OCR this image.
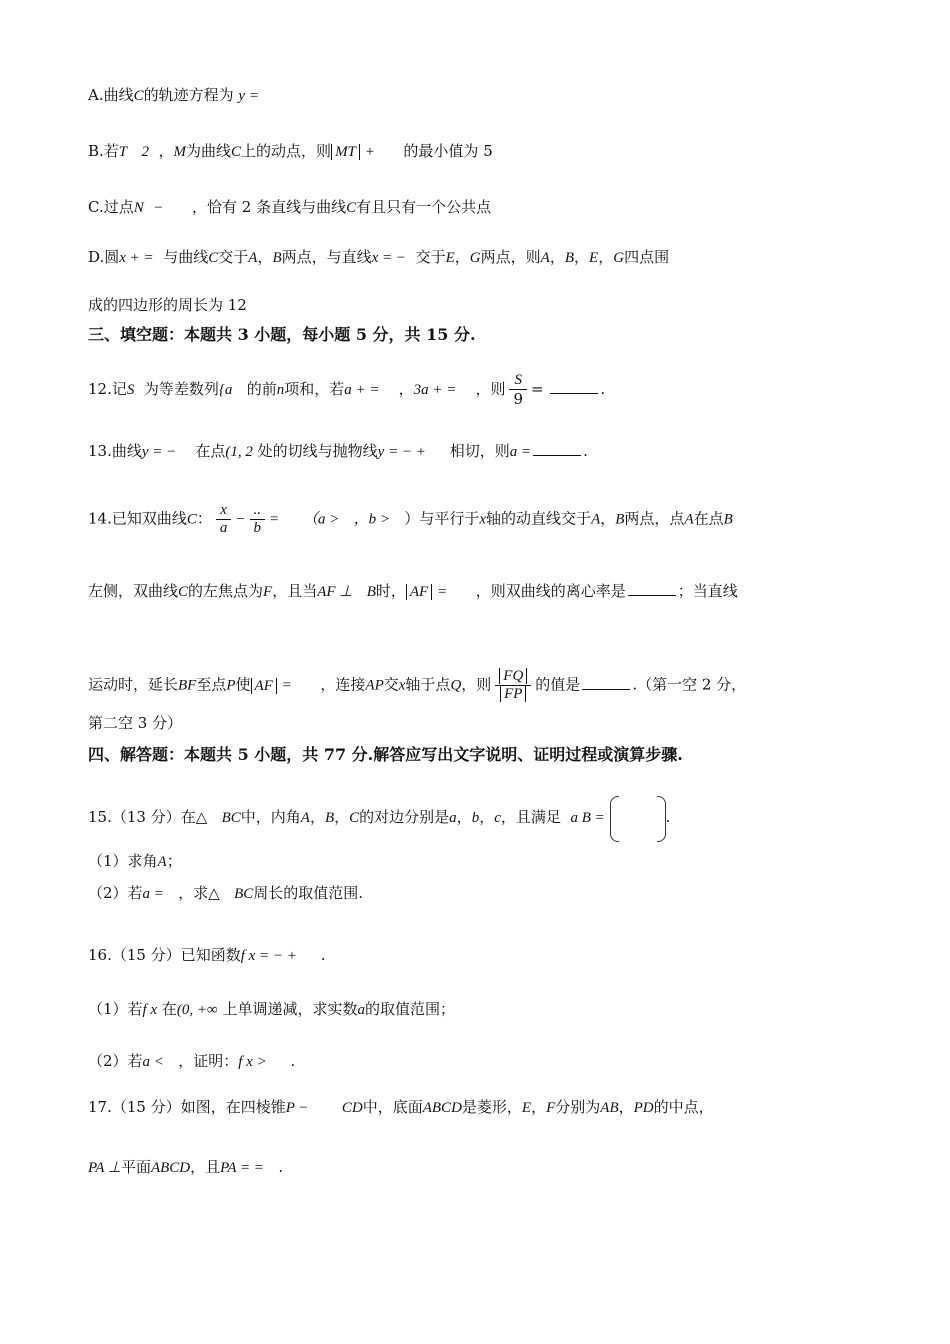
A.曲线C的轨迹方程为 y =
B.若T 2 ，M为曲线C上的动点，则 MT + 的最小值为 5
C.过点N − ，恰有 2 条直线与曲线C有且只有一个公共点
D.圆x + = 与曲线C交于A，B两点，与直线x = − 交于E，G两点，则A，B，E，G四点围
成的四边形的周长为 12
三、填空题：本题共 3 小题，每小题 5 分，共 15 分.
12.记S 为等差数列{a 的前n项和，若a + = ，3a + = ，则 $\frac{S}{9}$ =	.
13.曲线y = − 在点(1, 2 处的切线与抛物线y = − + 相切，则a =	.
14.已知双曲线C： $\frac{x}{a} - \frac{..}{b} = (a$ > ，b > ）与平行于x轴的动直线交于A，B两点，点A在点B
左侧，双曲线C的左焦点为F，且当AF ⊥ B时， AF = ，则双曲线的离心率是	；当直线
运动时，延长BF至点P使 AF = ，连接AP交x轴于点Q，则 $\frac{FQ}{FP}$ 的值是	.（第一空 2 分，
第二空 3 分）
四、解答题：本题共 5 小题，共 77 分.解答应写出文字说明、证明过程或演算步骤.
15.（13 分）在△ BC中，内角A，B，C的对边分别是a，b，c，且满足 a B =	.
（1）求角A；
（2）若a = ，求△ BC周长的取值范围.
16.（15 分）已知函数f x = − + .
（1）若f x 在(0, +∞ 上单调递减，求实数a的取值范围；
（2）若a < ，证明：f x > .
17.（15 分）如图，在四棱锥P − CD中，底面ABCD是菱形，E，F分别为AB，PD的中点，
PA ⊥平面ABCD，且PA = = .
